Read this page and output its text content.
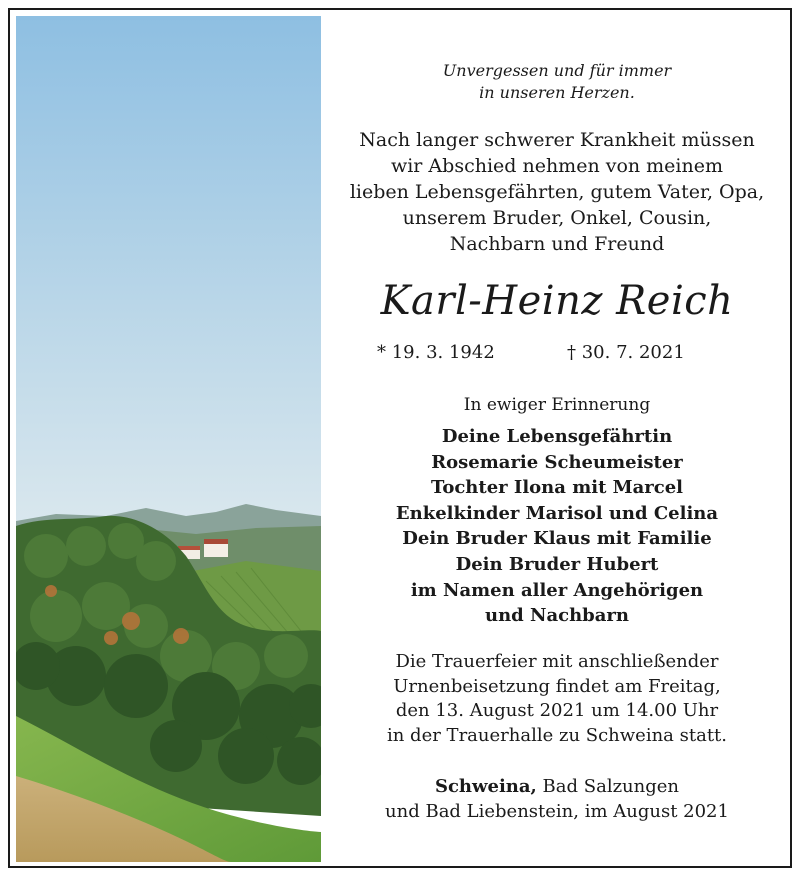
Unvergessen und für immer
in unseren Herzen.
Nach langer schwerer Krankheit müssen
wir Abschied nehmen von meinem
lieben Lebensgefährten, gutem Vater, Opa,
unserem Bruder, Onkel, Cousin,
Nachbarn und Freund
Karl-Heinz Reich
* 19. 3. 1942	† 30. 7. 2021
In ewiger Erinnerung
Deine Lebensgefährtin
Rosemarie Scheumeister
Tochter Ilona mit Marcel
Enkelkinder Marisol und Celina
Dein Bruder Klaus mit Familie
Dein Bruder Hubert
im Namen aller Angehörigen
und Nachbarn
Die Trauerfeier mit anschließender
Urnenbeisetzung findet am Freitag,
den 13. August 2021 um 14.00 Uhr
in der Trauerhalle zu Schweina statt.
Schweina, Bad Salzungen
und Bad Liebenstein, im August 2021
